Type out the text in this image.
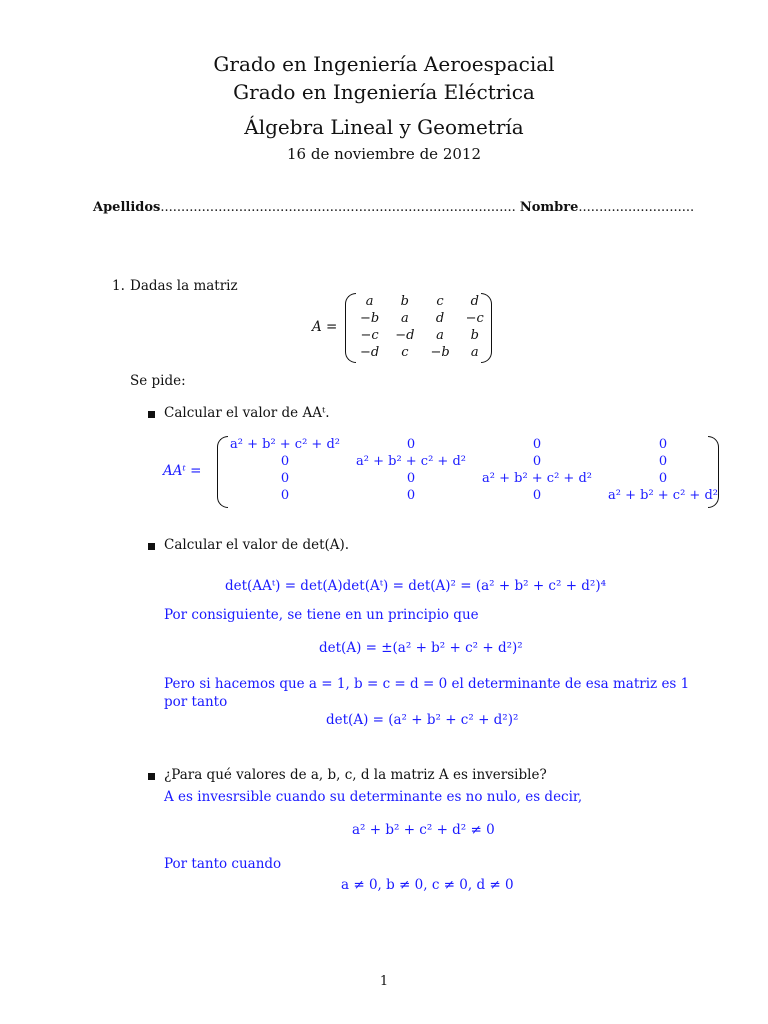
Grado en Ingeniería Aeroespacial
Grado en Ingeniería Eléctrica
Álgebra Lineal y Geometría
16 de noviembre de 2012
Apellidos...................................................................................... Nombre............................
1. Dadas la matriz
A =
a	b	c	d
−b	a	d	−c
−c	−d	a	b
−d	c	−b	a
Se pide:
Calcular el valor de AAᵗ.
AAᵗ =
a² + b² + c² + d²	0	0	0
0	a² + b² + c² + d²	0	0
0	0	a² + b² + c² + d²	0
0	0	0	a² + b² + c² + d²
Calcular el valor de det(A).
det(AAᵗ) = det(A)det(Aᵗ) = det(A)² = (a² + b² + c² + d²)⁴
Por consiguiente, se tiene en un principio que
det(A) = ±(a² + b² + c² + d²)²
Pero si hacemos que a = 1, b = c = d = 0 el determinante de esa matriz es 1
por tanto
det(A) = (a² + b² + c² + d²)²
¿Para qué valores de a, b, c, d la matriz A es inversible?
A es invesrsible cuando su determinante es no nulo, es decir,
a² + b² + c² + d² ≠ 0
Por tanto cuando
a ≠ 0, b ≠ 0, c ≠ 0, d ≠ 0
1
